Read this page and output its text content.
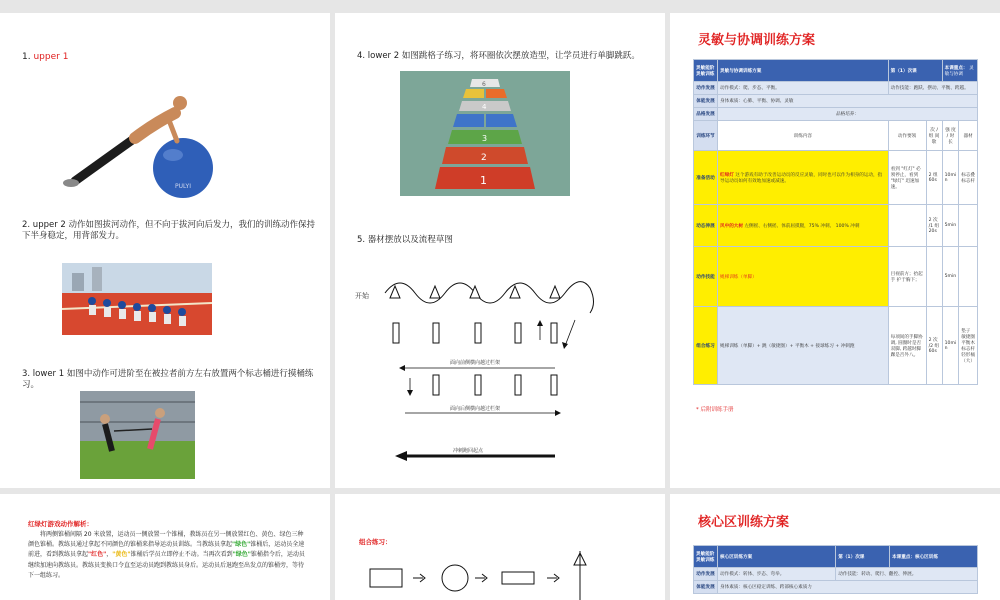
1. upper 1
PULYI
2. upper 2 动作如图拔河动作，但不向于拔河向后发力，我们的训练动作保持下半身稳定，用背部发力。
3. lower 1 如图中动作可进阶至在被拉者前方左右放置两个标志桶进行摸桶练习。
4. lower 2 如图跳格子练习，将环圈依次摆放造型，让学员进行单脚跳跃。
6
4
3
2
1
5. 器材摆放以及流程草图
开始
面向前侧横向越过栏架
面向后侧横向越过栏架
冲刺跑回起点
灵敏与协调训练方案
灵敏能阶 灵敏训练	灵敏与协调训练方案	第（1）次课		本课重点： 灵敏与协调	
动作发展	动作模式：爬、步态、平衡。	动作技能：跑跃、摆动、平衡、跨越。			
体能发展	身体素质：心肺、平衡、协调、灵敏				
品格发展	品格培养：				
训练环节	训练内容	动作要领	次 / 组 间歇	强 度 / 时 长	器材
准备活动	红绿灯 这个游戏有助于改善运动员的反应灵敏，同时也可以作为相身的运动，指导运动员如何有效地加速或减速。	看到 "红灯" 必须停止，看到 "绿灯" 迅速加速。	2 组 60s	10mi n	标志叠 标志杆
动态伸展	风中的大树 左侧摇、右侧摇、体前屈摸腿，75% 冲刺、 100% 冲刺		2 次 /1 组 20s	5min	
动作技能	绳梯训练（单脚）	目视前方；抬起手 护于胸下；		5min	
组合练习	绳梯训练（单脚）+ 跳（敏捷圈）+ 平衡木 + 接球练习 + 冲刺跑	每项间的手脚协调, 圆圈时是否双脚, 跨越时脚踝是否外八。	2 次 /2 组 60s	10mi n	垫子 敏捷圈 平衡木 标志杆 轻形桶（大）
* 后附训练手册
红绿灯游戏动作解析：
将两侧锥桶间隔 20 米放置，运动员一侧放置一个锥桶，教练员在另一侧放置红色、黄色、绿色三种颜色锥桶。教练员通过拿起不同颜色的锥桶来指导运动员训练。当教练员拿起"绿色"锥桶后，运动员全速前进，看到教练员拿起"红色"，"黄色"锥桶后学员立即停止不动。当再次看到"绿色"锥桶指令后，运动员继续加速向教练员。教练员变换口令直至运动员跑到教练员身后。运动员后退跑至出发点的锥桶旁，等待下一组练习。
组合练习：
核心区训练方案
灵敏能阶 灵敏训练	核心区训练方案	第（1）次课	本课重点：核心区训练
动作发展	动作模式：转体、步态、弯举。	动作技能：转动、爬行、翻控、伸展。	
体能发展	身体素质：核心区稳定训练、跨部核心素质力		
